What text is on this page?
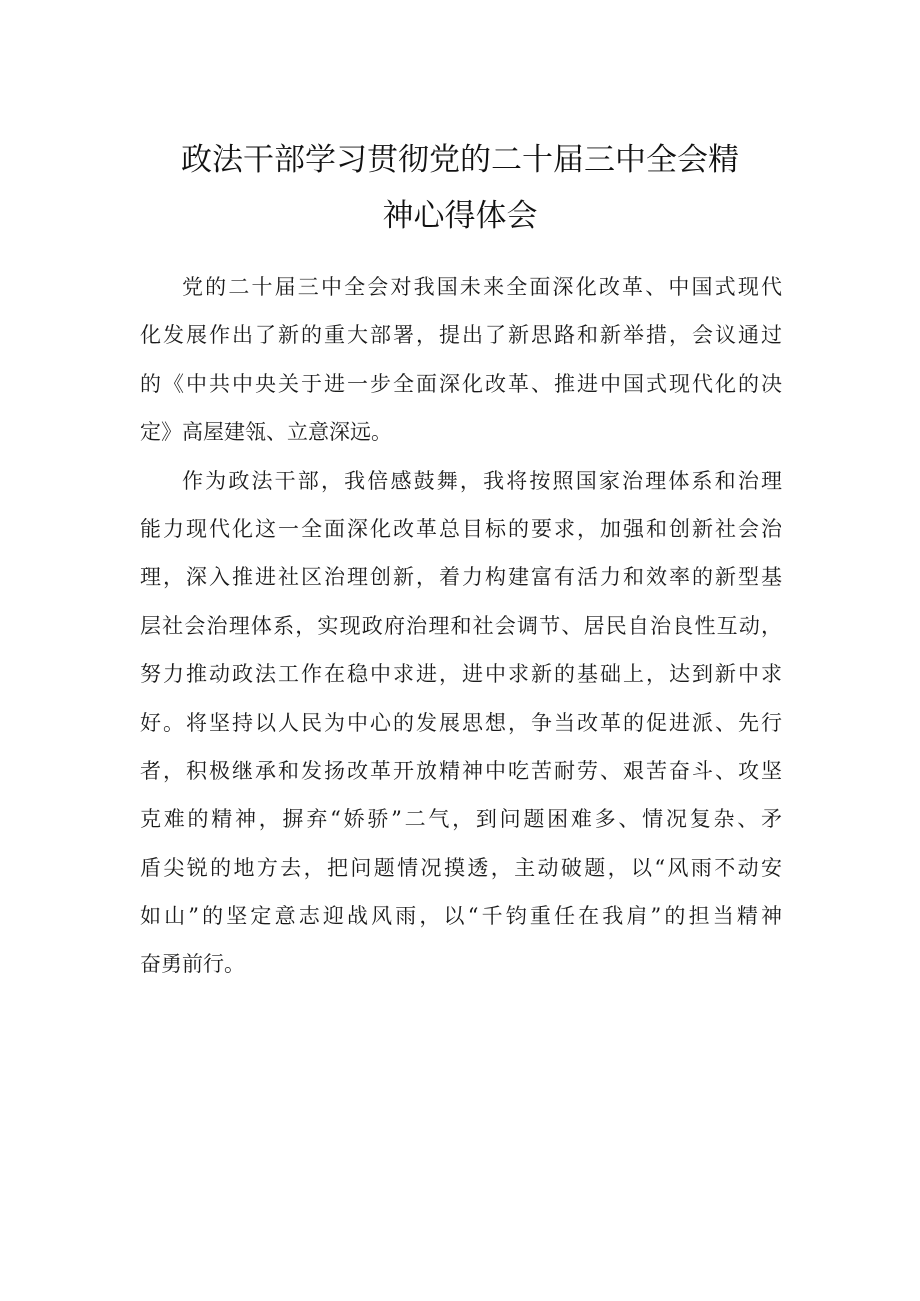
政法干部学习贯彻党的二十届三中全会精
神心得体会
党的二十届三中全会对我国未来全面深化改革、中国式现代
化发展作出了新的重大部署，提出了新思路和新举措，会议通过
的《中共中央关于进一步全面深化改革、推进中国式现代化的决
定》高屋建瓴、立意深远。
作为政法干部，我倍感鼓舞，我将按照国家治理体系和治理
能力现代化这一全面深化改革总目标的要求，加强和创新社会治
理，深入推进社区治理创新，着力构建富有活力和效率的新型基
层社会治理体系，实现政府治理和社会调节、居民自治良性互动，
努力推动政法工作在稳中求进，进中求新的基础上，达到新中求
好。将坚持以人民为中心的发展思想，争当改革的促进派、先行
者，积极继承和发扬改革开放精神中吃苦耐劳、艰苦奋斗、攻坚
克难的精神，摒弃“娇骄”二气，到问题困难多、情况复杂、矛
盾尖锐的地方去，把问题情况摸透，主动破题，以“风雨不动安
如山”的坚定意志迎战风雨，以“千钧重任在我肩”的担当精神
奋勇前行。
